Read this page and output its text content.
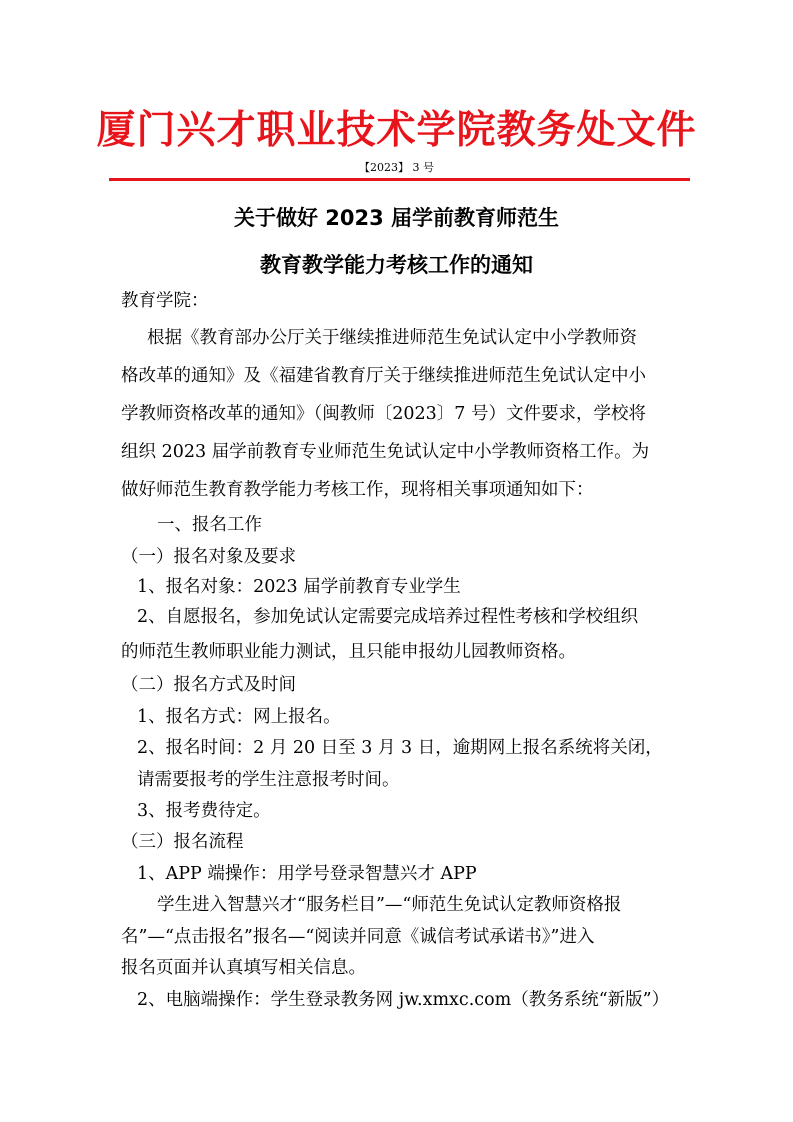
厦门兴才职业技术学院教务处文件
【2023】 3 号
关于做好 2023 届学前教育师范生
教育教学能力考核工作的通知
教育学院：
根据《教育部办公厅关于继续推进师范生免试认定中小学教师资
格改革的通知》及《福建省教育厅关于继续推进师范生免试认定中小
学教师资格改革的通知》（闽教师〔2023〕7 号）文件要求，学校将
组织 2023 届学前教育专业师范生免试认定中小学教师资格工作。为
做好师范生教育教学能力考核工作，现将相关事项通知如下：
一、报名工作
（一）报名对象及要求
1、报名对象：2023 届学前教育专业学生
2、自愿报名，参加免试认定需要完成培养过程性考核和学校组织
的师范生教师职业能力测试，且只能申报幼儿园教师资格。
（二）报名方式及时间
1、报名方式：网上报名。
2、报名时间：2 月 20 日至 3 月 3 日，逾期网上报名系统将关闭，
请需要报考的学生注意报考时间。
3、报考费待定。
（三）报名流程
1、APP 端操作：用学号登录智慧兴才 APP
学生进入智慧兴才“服务栏目”—“师范生免试认定教师资格报
名”—“点击报名”报名—“阅读并同意《诚信考试承诺书》”进入
报名页面并认真填写相关信息。
2、电脑端操作：学生登录教务网 jw.xmxc.com（教务系统“新版”）
